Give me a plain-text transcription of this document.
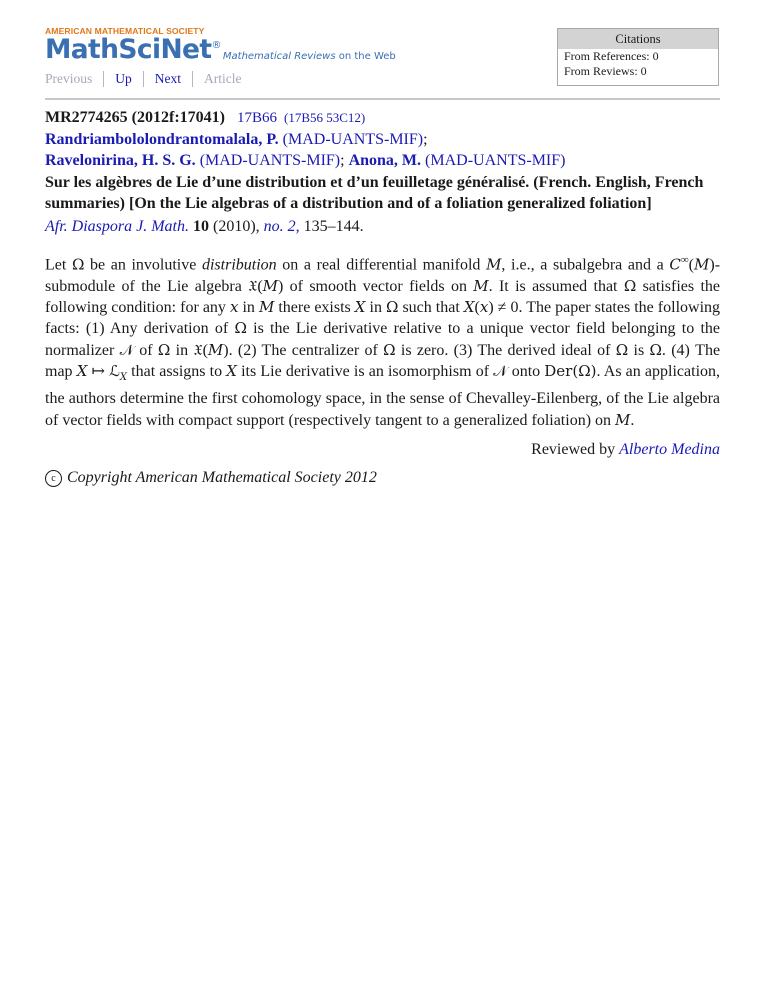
AMERICAN MATHEMATICAL SOCIETY
MathSciNet®
Mathematical Reviews on the Web
Previous	Up	Next	Article
Citations
From References: 0
From Reviews: 0
MR2774265 (2012f:17041) 17B66 (17B56 53C12)
Randriambololondrantomalala, P. (MAD-UANTS-MIF);
Ravelonirina, H. S. G. (MAD-UANTS-MIF); Anona, M. (MAD-UANTS-MIF)
Sur les algèbres de Lie d’une distribution et d’un feuilletage généralisé. (French. English, French summaries) [On the Lie algebras of a distribution and of a foliation generalized foliation]
Afr. Diaspora J. Math. 10 (2010), no. 2, 135–144.
Let Ω be an involutive distribution on a real differential manifold M, i.e., a subalgebra and a C∞(M)-submodule of the Lie algebra 𝔛(M) of smooth vector fields on M. It is assumed that Ω satisfies the following condition: for any x in M there exists X in Ω such that X(x) ≠ 0. The paper states the following facts: (1) Any derivation of Ω is the Lie derivative relative to a unique vector field belonging to the normalizer 𝒩 of Ω in 𝔛(M). (2) The centralizer of Ω is zero. (3) The derived ideal of Ω is Ω. (4) The map X ↦ ℒ$_X$ that assigns to X its Lie derivative is an isomorphism of 𝒩 onto Der(Ω). As an application, the authors determine the first cohomology space, in the sense of Chevalley-Eilenberg, of the Lie algebra of vector fields with compact support (respectively tangent to a generalized foliation) on M.
Reviewed by Alberto Medina
c Copyright American Mathematical Society 2012
